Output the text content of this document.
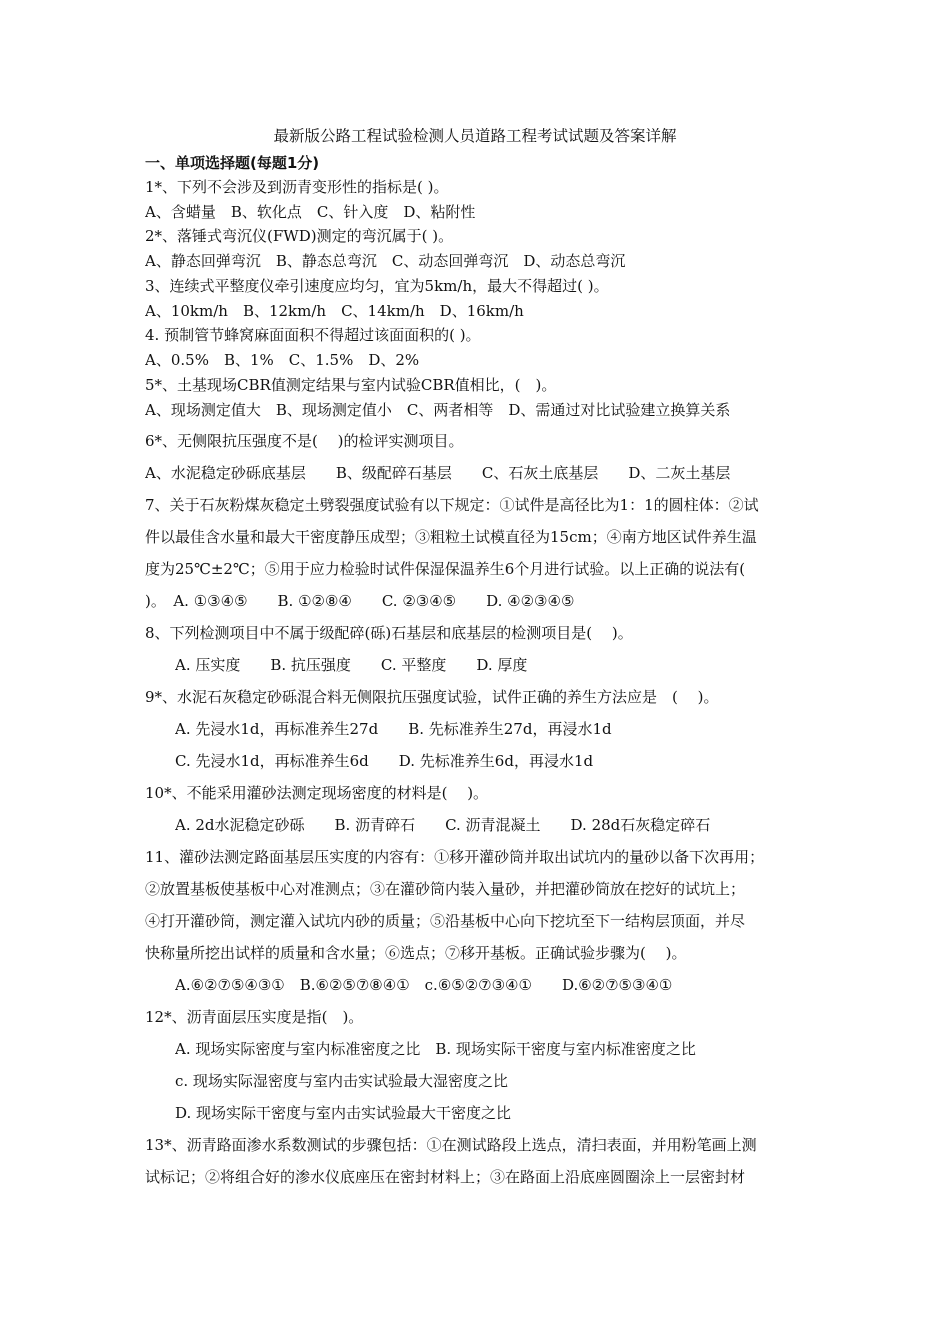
最新版公路工程试验检测人员道路工程考试试题及答案详解
一、单项选择题(每题1分)
1*、下列不会涉及到沥青变形性的指标是( )。
A、含蜡量　B、软化点　C、针入度　D、粘附性
2*、落锤式弯沉仪(FWD)测定的弯沉属于( )。
A、静态回弹弯沉　B、静态总弯沉　C、动态回弹弯沉　D、动态总弯沉
3、连续式平整度仪牵引速度应均匀，宜为5km/h，最大不得超过( )。
A、10km/h　B、12km/h　C、14km/h　D、16km/h
4. 预制管节蜂窝麻面面积不得超过该面面积的( )。
A、0.5%　B、1%　C、1.5%　D、2%
5*、土基现场CBR值测定结果与室内试验CBR值相比，(　)。
A、现场测定值大　B、现场测定值小　C、两者相等　D、需通过对比试验建立换算关系
6*、无侧限抗压强度不是(　 )的检评实测项目。
A、水泥稳定砂砾底基层　　B、级配碎石基层　　C、石灰土底基层　　D、二灰土基层
7、关于石灰粉煤灰稳定土劈裂强度试验有以下规定：①试件是高径比为1：1的圆柱体：②试
件以最佳含水量和最大干密度静压成型；③粗粒土试模直径为15cm；④南方地区试件养生温
度为25℃±2℃；⑤用于应力检验时试件保湿保温养生6个月进行试验。以上正确的说法有(
)。　A. ①③④⑤　　B. ①②⑧④　　C. ②③④⑤　　D. ④②③④⑤
8、下列检测项目中不属于级配碎(砾)石基层和底基层的检测项目是(　 )。
A. 压实度　　B. 抗压强度　　C. 平整度　　D. 厚度
9*、水泥石灰稳定砂砾混合料无侧限抗压强度试验，试件正确的养生方法应是　(　 )。
A. 先浸水1d，再标准养生27d　　B. 先标准养生27d，再浸水1d
C. 先浸水1d，再标准养生6d　　D. 先标准养生6d，再浸水1d
10*、不能采用灌砂法测定现场密度的材料是(　 )。
A. 2d水泥稳定砂砾　　B. 沥青碎石　　C. 沥青混凝土　　D. 28d石灰稳定碎石
11、灌砂法测定路面基层压实度的内容有：①移开灌砂筒并取出试坑内的量砂以备下次再用；
②放置基板使基板中心对准测点；③在灌砂筒内装入量砂，并把灌砂筒放在挖好的试坑上；
④打开灌砂筒，测定灌入试坑内砂的质量；⑤沿基板中心向下挖坑至下一结构层顶面，并尽
快称量所挖出试样的质量和含水量；⑥选点；⑦移开基板。正确试验步骤为(　 )。
A.⑥②⑦⑤④③①　B.⑥②⑤⑦⑧④①　c.⑥⑤②⑦③④①　　D.⑥②⑦⑤③④①
12*、沥青面层压实度是指(　)。
A. 现场实际密度与室内标准密度之比　B. 现场实际干密度与室内标准密度之比
c. 现场实际湿密度与室内击实试验最大湿密度之比
D. 现场实际干密度与室内击实试验最大干密度之比
13*、沥青路面渗水系数测试的步骤包括：①在测试路段上选点，清扫表面，并用粉笔画上测
试标记；②将组合好的渗水仪底座压在密封材料上；③在路面上沿底座圆圈涂上一层密封材
